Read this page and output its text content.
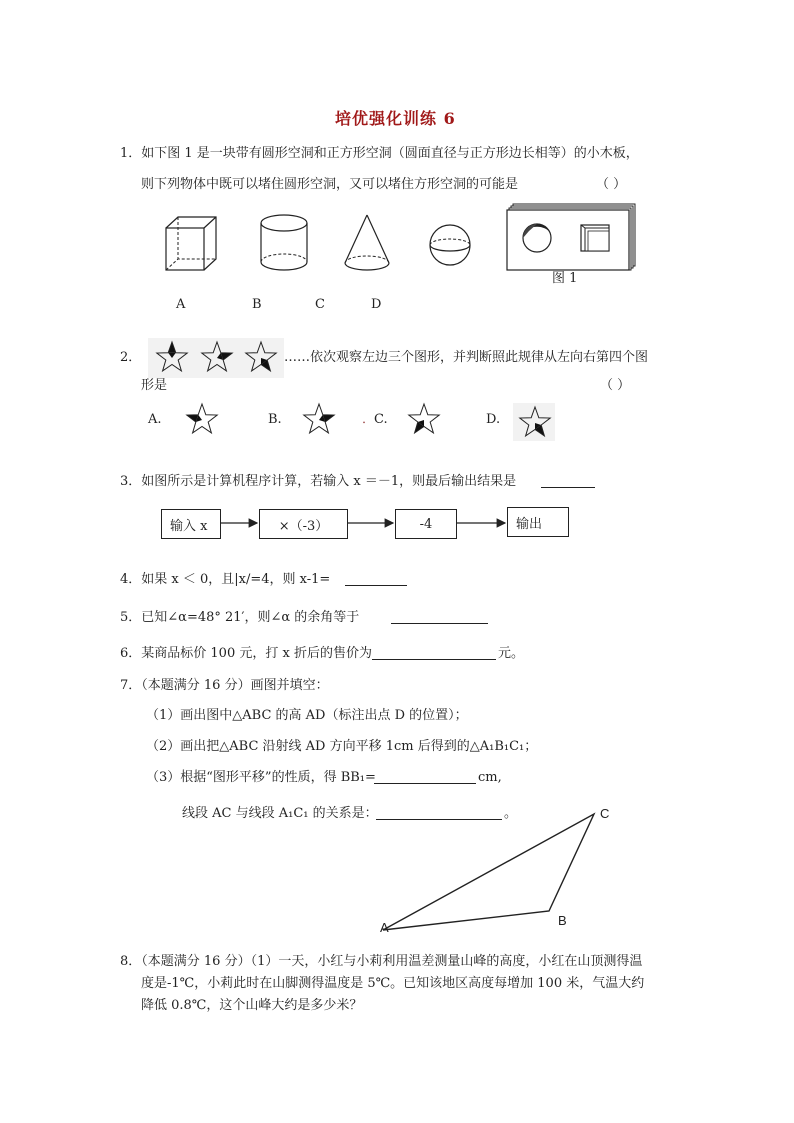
培优强化训练 6
1．如下图 1 是一块带有圆形空洞和正方形空洞（圆面直径与正方形边长相等）的小木板，
则下列物体中既可以堵住圆形空洞，又可以堵住方形空洞的可能是	（ ）
图 1
A	B	C	D
2．	……依次观察左边三个图形，并判断照此规律从左向右第四个图
形是	（ ）
A.	B.	．
C.	D.
3．如图所示是计算机程序计算，若输入 x ＝－1，则最后输出结果是
输入 x	×（-3）	-4	输出
4．如果 x ＜ 0，且|x/=4，则 x-1=
5．已知∠α=48° 21′，则∠α 的余角等于
6．某商品标价 100 元，打 x 折后的售价为	元。
7．（本题满分 16 分）画图并填空：
（1）画出图中△ABC 的高 AD（标注出点 D 的位置）；
（2）画出把△ABC 沿射线 AD 方向平移 1cm 后得到的△A₁B₁C₁；
（3）根据“图形平移”的性质，得 BB₁=	cm,
线段 AC 与线段 A₁C₁ 的关系是：	。
A	B
C
8．（本题满分 16 分）（1）一天，小红与小莉利用温差测量山峰的高度，小红在山顶测得温
度是-1℃，小莉此时在山脚测得温度是 5℃。已知该地区高度每增加 100 米，气温大约
降低 0.8℃，这个山峰大约是多少米？
